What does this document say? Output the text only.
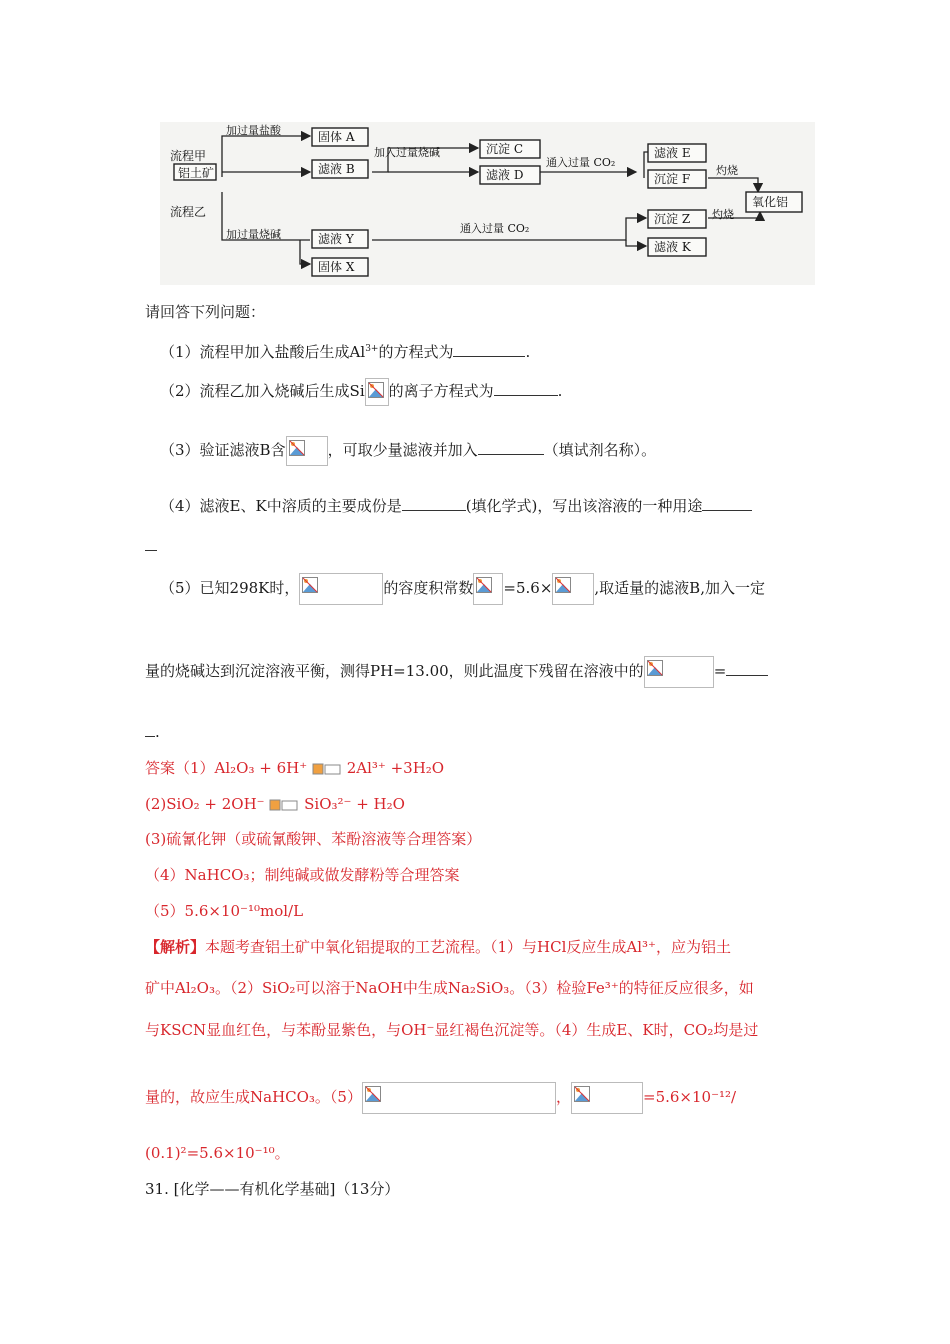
流程甲
铝土矿
流程乙
加过量盐酸	固体 A
滤液 B
加入过量烧碱	沉淀 C
滤液 D
通入过量 CO₂
滤液 E
沉淀 F
灼烧
氧化铝
加过量烧碱	滤液 Y
固体 X
通入过量 CO₂
沉淀 Z
滤液 K
灼烧
请回答下列问题：
（1）流程甲加入盐酸后生成$Al^{3+}$的方程式为	.
（2）流程乙加入烧碱后生成Si 的离子方程式为	.
（3）验证滤液B含	，可取少量滤液并加入	（填试剂名称）。
（4）滤液E、K中溶质的主要成份是	(填化学式)，写出该溶液的一种用途
（5）已知298K时，	的容度积常数 =5.6×	,取适量的滤液B,加入一定
量的烧碱达到沉淀溶液平衡，测得PH=13.00，则此温度下残留在溶液中的	=
.
答案（1）Al₂O₃ + 6H⁺	2Al³⁺ +3H₂O
(2)SiO₂ + 2OH⁻	SiO₃²⁻ + H₂O
(3)硫氰化钾（或硫氰酸钾、苯酚溶液等合理答案）
（4）NaHCO₃；制纯碱或做发酵粉等合理答案
（5）5.6×10⁻¹⁰mol/L
【解析】本题考查铝土矿中氧化铝提取的工艺流程。（1）与HCl反应生成Al³⁺，应为铝土
矿中Al₂O₃。（2）SiO₂可以溶于NaOH中生成Na₂SiO₃。（3）检验Fe³⁺的特征反应很多，如
与KSCN显血红色，与苯酚显紫色，与OH⁻显红褐色沉淀等。（4）生成E、K时，CO₂均是过
量的，故应生成NaHCO₃。（5）	，	=5.6×10⁻¹²/
(0.1)²=5.6×10⁻¹⁰。
31. [化学——有机化学基础]（13分）
